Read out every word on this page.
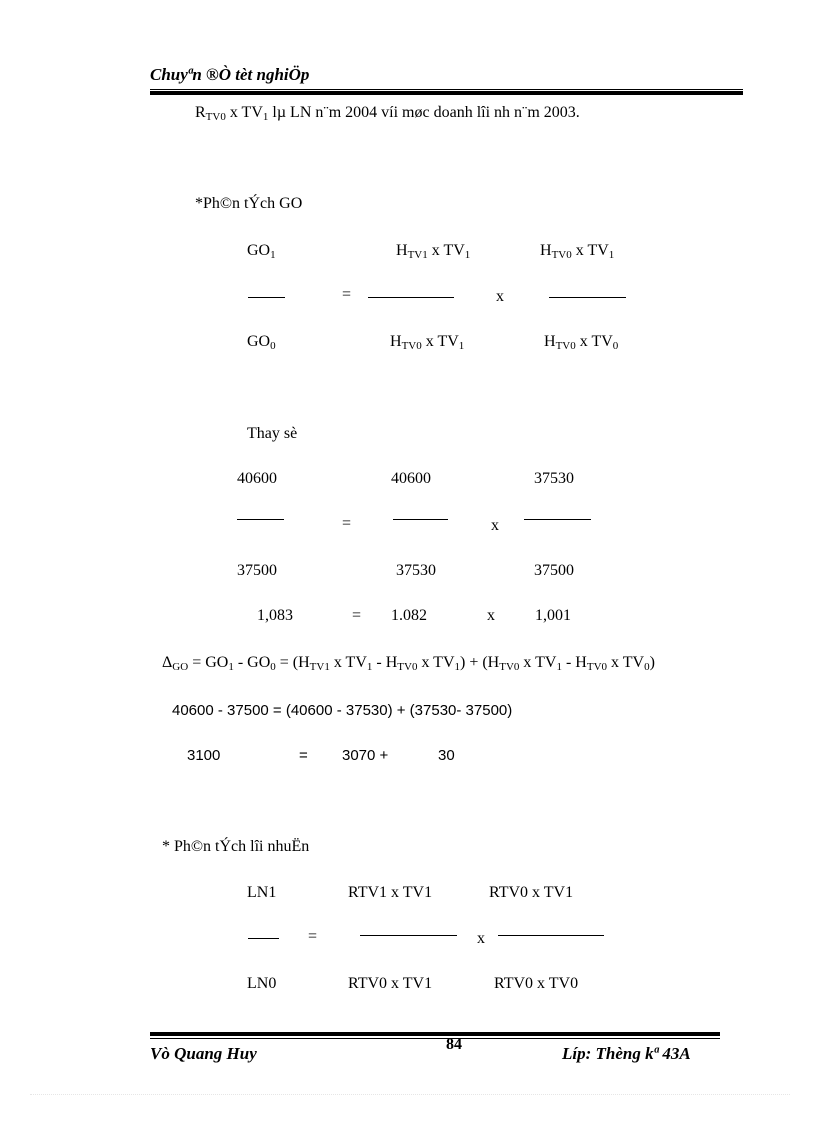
Chuyªn ®Ò tèt nghiÖp
$R_{TV0}$ x $TV_1$ lµ LN n¨m 2004 víi møc doanh lîi nh n¨m 2003.
*Ph©n tÝch GO
$GO_1$	$H_{TV1}$ x $TV_1$	$H_{TV0}$ x $TV_1$
=	x
$GO_0$	$H_{TV0}$ x $TV_1$	$H_{TV0}$ x $TV_0$
Thay sè
40600	40600	37530
=	x
37500	37530	37500
1,083	= 1.082	x	1,001
$\Delta_{GO} = GO_1 - GO_0 = (H_{TV1}$ x $TV_1 - H_{TV0}$ x $TV_1) + (H_{TV0}$ x $TV_1 - H_{TV0}$ x $TV_0$)
40600 - 37500 = (40600 - 37530) + (37530- 37500)
3100	= 3070 +	30
* Ph©n tÝch lîi nhuËn
LN1	RTV1 x TV1	RTV0 x TV1
=	x
LN0	RTV0 x TV1	RTV0 x TV0
Vò Quang Huy	84	Líp: Thèng kª 43A
